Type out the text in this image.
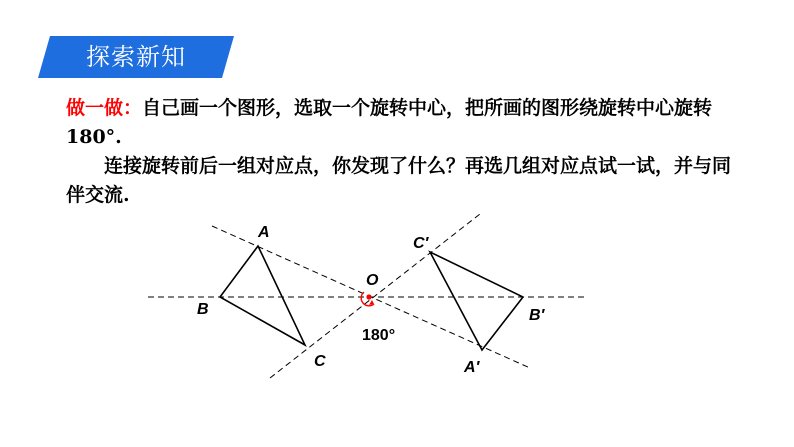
探索新知

做一做：自己画一个图形，选取一个旋转中心，把所画的图形绕旋转中心旋转180°.

连接旋转前后一组对应点，你发现了什么？再选几组对应点试一试，并与同伴交流.

A
B
C
C′
B′
A′
O
180°
